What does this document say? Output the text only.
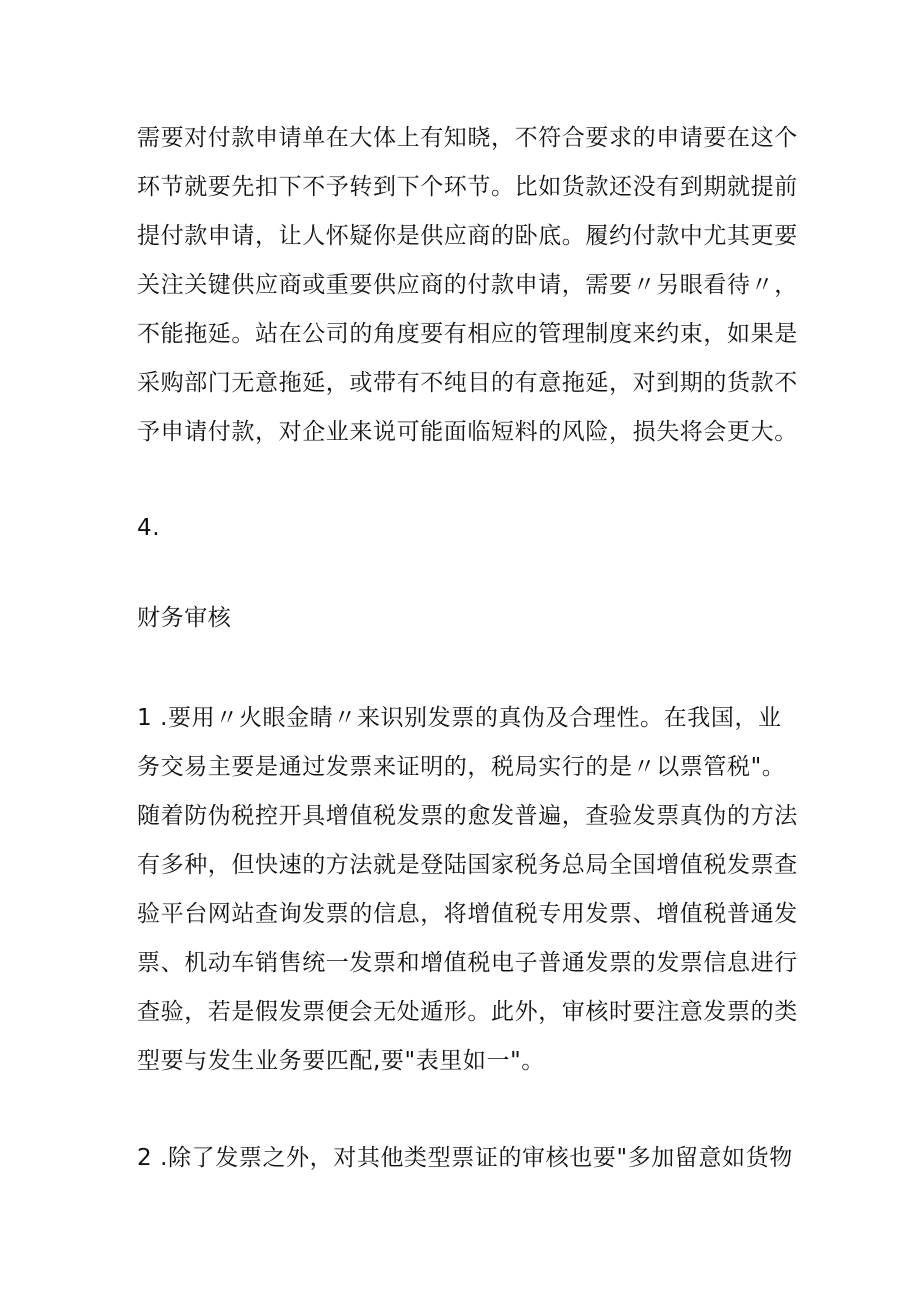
需要对付款申请单在大体上有知晓，不符合要求的申请要在这个
环节就要先扣下不予转到下个环节。比如货款还没有到期就提前
提付款申请，让人怀疑你是供应商的卧底。履约付款中尤其更要
关注关键供应商或重要供应商的付款申请，需要〃另眼看待〃，
不能拖延。站在公司的角度要有相应的管理制度来约束，如果是
采购部门无意拖延，或带有不纯目的有意拖延，对到期的货款不
予申请付款，对企业来说可能面临短料的风险，损失将会更大。
4.
财务审核
1 .要用〃火眼金睛〃来识别发票的真伪及合理性。在我国，业
务交易主要是通过发票来证明的，税局实行的是〃以票管税"。
随着防伪税控开具增值税发票的愈发普遍，查验发票真伪的方法
有多种，但快速的方法就是登陆国家税务总局全国增值税发票查
验平台网站查询发票的信息，将增值税专用发票、增值税普通发
票、机动车销售统一发票和增值税电子普通发票的发票信息进行
查验，若是假发票便会无处遁形。此外，审核时要注意发票的类
型要与发生业务要匹配,要"表里如一"。
2 .除了发票之外，对其他类型票证的审核也要"多加留意如货物
